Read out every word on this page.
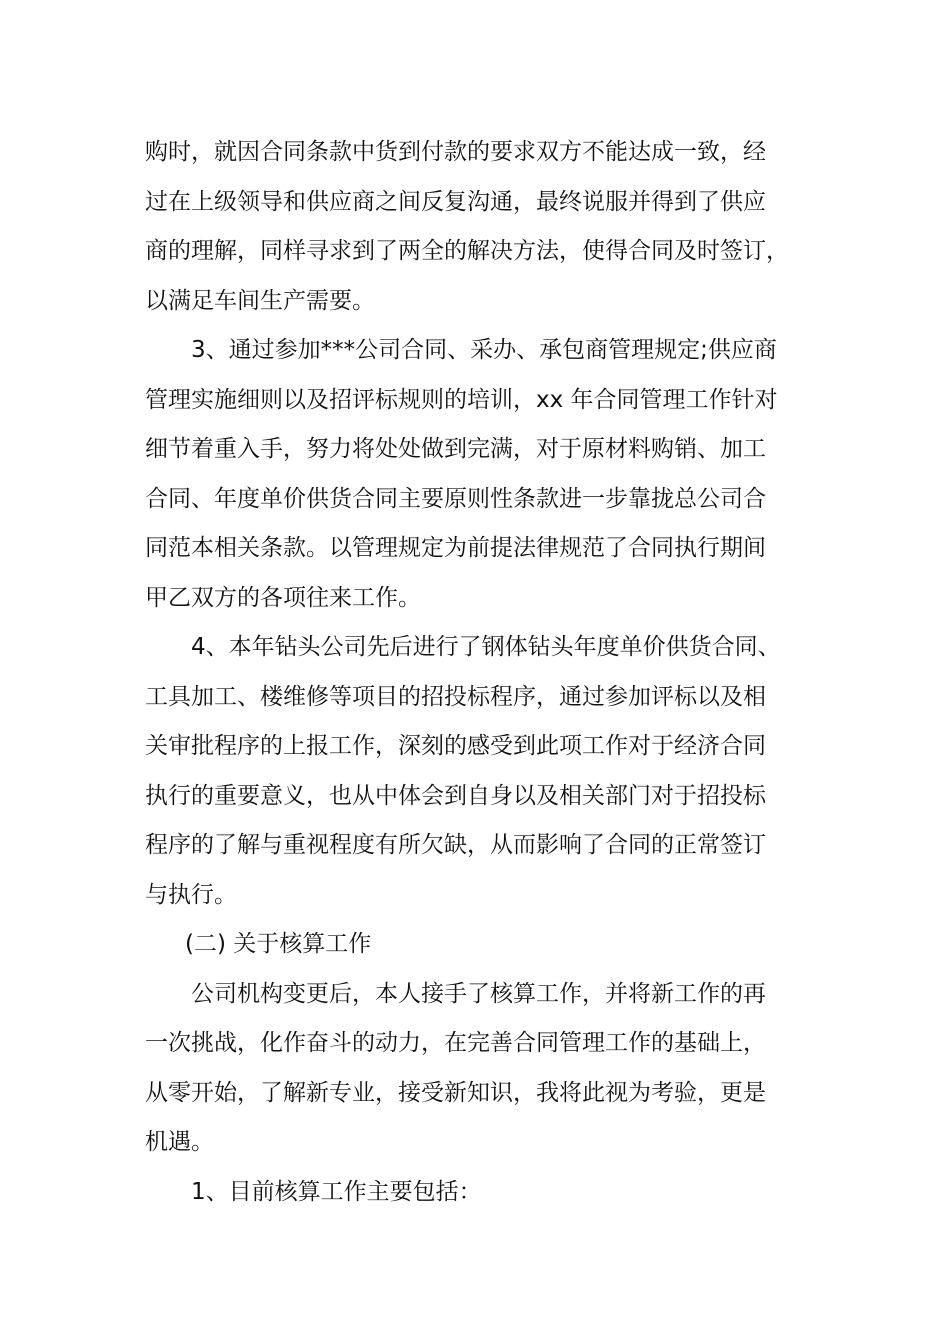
购时，就因合同条款中货到付款的要求双方不能达成一致，经
过在上级领导和供应商之间反复沟通，最终说服并得到了供应
商的理解，同样寻求到了两全的解决方法，使得合同及时签订，
以满足车间生产需要。
3、通过参加***公司合同、采办、承包商管理规定;供应商
管理实施细则以及招评标规则的培训，xx 年合同管理工作针对
细节着重入手，努力将处处做到完满，对于原材料购销、加工
合同、年度单价供货合同主要原则性条款进一步靠拢总公司合
同范本相关条款。以管理规定为前提法律规范了合同执行期间
甲乙双方的各项往来工作。
4、本年钻头公司先后进行了钢体钻头年度单价供货合同、
工具加工、楼维修等项目的招投标程序，通过参加评标以及相
关审批程序的上报工作，深刻的感受到此项工作对于经济合同
执行的重要意义，也从中体会到自身以及相关部门对于招投标
程序的了解与重视程度有所欠缺，从而影响了合同的正常签订
与执行。
(二) 关于核算工作
公司机构变更后，本人接手了核算工作，并将新工作的再
一次挑战，化作奋斗的动力，在完善合同管理工作的基础上，
从零开始，了解新专业，接受新知识，我将此视为考验，更是
机遇。
1、目前核算工作主要包括：
